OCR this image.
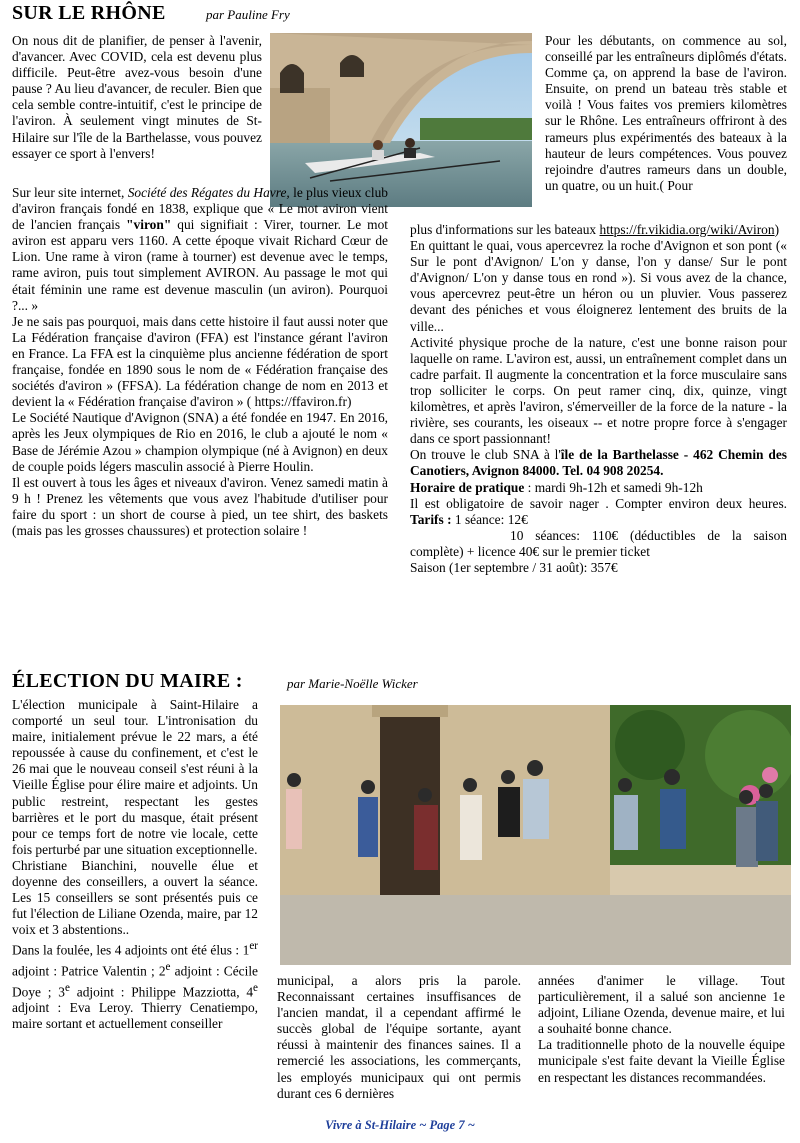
SUR LE RHÔNE	par Pauline Fry

On nous dit de planifier, de penser à l'avenir, d'avancer. Avec COVID, cela est devenu plus difficile. Peut-être avez-vous besoin d'une pause ? Au lieu d'avancer, de reculer. Bien que cela semble contre-intuitif, c'est le principe de l'aviron. À seulement vingt minutes de St-Hilaire sur l'île de la Barthelasse, vous pouvez essayer ce sport à l'envers!

Sur leur site internet, Société des Régates du Havre, le plus vieux club d'aviron français fondé en 1838, explique que « Le mot aviron vient de l'ancien français "viron" qui signifiait : Virer, tourner. Le mot aviron est apparu vers 1160. A cette époque vivait Richard Cœur de Lion. Une rame à viron (rame à tourner) est devenue avec le temps, rame aviron, puis tout simplement AVIRON. Au passage le mot qui était féminin une rame est devenue masculin (un aviron). Pourquoi ?... »

Je ne sais pas pourquoi, mais dans cette histoire il faut aussi noter que La Fédération française d'aviron (FFA) est l'instance gérant l'aviron en France. La FFA est la cinquième plus ancienne fédération de sport française, fondée en 1890 sous le nom de « Fédération française des sociétés d'aviron » (FFSA). La fédération change de nom en 2013 et devient la « Fédération française d'aviron » ( https://ffaviron.fr)

Le Société Nautique d'Avignon (SNA) a été fondée en 1947. En 2016, après les Jeux olympiques de Rio en 2016, le club a ajouté le nom « Base de Jérémie Azou » champion olympique (né à Avignon) en deux de couple poids légers masculin associé à Pierre Houlin.

Il est ouvert à tous les âges et niveaux d'aviron. Venez samedi matin à 9 h ! Prenez les vêtements que vous avez l'habitude d'utiliser pour faire du sport : un short de course à pied, un tee shirt, des baskets (mais pas les grosses chaussures) et protection solaire !

Pour les débutants, on commence au sol, conseillé par les entraîneurs diplômés d'états. Comme ça, on apprend la base de l'aviron. Ensuite, on prend un bateau très stable et voilà ! Vous faites vos premiers kilomètres sur le Rhône. Les entraîneurs offriront à des rameurs plus expérimentés des bateaux à la hauteur de leurs compétences. Vous pouvez rejoindre d'autres rameurs dans un double, un quatre, ou un huit.( Pour

plus d'informations sur les bateaux https://fr.vikidia.org/wiki/Aviron)

En quittant le quai, vous apercevrez la roche d'Avignon et son pont (« Sur le pont d'Avignon/ L'on y danse, l'on y danse/ Sur le pont d'Avignon/ L'on y danse tous en rond »). Si vous avez de la chance, vous apercevrez peut-être un héron ou un pluvier. Vous passerez devant des péniches et vous éloignerez lentement des bruits de la ville...

Activité physique proche de la nature, c'est une bonne raison pour laquelle on rame. L'aviron est, aussi, un entraînement complet dans un cadre parfait. Il augmente la concentration et la force musculaire sans trop solliciter le corps. On peut ramer cinq, dix, quinze, vingt kilomètres, et après l'aviron, s'émerveiller de la force de la nature - la rivière, ses courants, les oiseaux -- et notre propre force à s'engager dans ce sport passionnant!

On trouve le club SNA à l'île de la Barthelasse - 462 Chemin des Canotiers, Avignon 84000. Tel. 04 908 20254.

Horaire de pratique : mardi 9h-12h et samedi 9h-12h

Il est obligatoire de savoir nager . Compter environ deux heures. Tarifs : 1 séance: 12€

10 séances: 110€ (déductibles de la saison complète) + licence 40€ sur le premier ticket

Saison (1er septembre / 31 août): 357€

ÉLECTION DU MAIRE :	par Marie-Noëlle Wicker

L'élection municipale à Saint-Hilaire a comporté un seul tour. L'intronisation du maire, initialement prévue le 22 mars, a été repoussée à cause du confinement, et c'est le 26 mai que le nouveau conseil s'est réuni à la Vieille Église pour élire maire et adjoints. Un public restreint, respectant les gestes barrières et le port du masque, était présent pour ce temps fort de notre vie locale, cette fois perturbé par une situation exceptionnelle.

Christiane Bianchini, nouvelle élue et doyenne des conseillers, a ouvert la séance. Les 15 conseillers se sont présentés puis ce fut l'élection de Liliane Ozenda, maire, par 12 voix et 3 abstentions..

Dans la foulée, les 4 adjoints ont été élus : 1er adjoint : Patrice Valentin ; 2e adjoint : Cécile Doye ; 3e adjoint : Philippe Mazziotta, 4e adjoint : Eva Leroy. Thierry Cenatiempo, maire sortant et actuellement conseiller

municipal, a alors pris la parole. Reconnaissant certaines insuffisances de l'ancien mandat, il a cependant affirmé le succès global de l'équipe sortante, ayant réussi à maintenir des finances saines. Il a remercié les associations, les commerçants, les employés municipaux qui ont permis durant ces 6 dernières

années d'animer le village. Tout particulièrement, il a salué son ancienne 1e adjoint, Liliane Ozenda, devenue maire, et lui a souhaité bonne chance.

La traditionnelle photo de la nouvelle équipe municipale s'est faite devant la Vieille Église en respectant les distances recommandées.

Vivre à St-Hilaire ~ Page 7 ~
